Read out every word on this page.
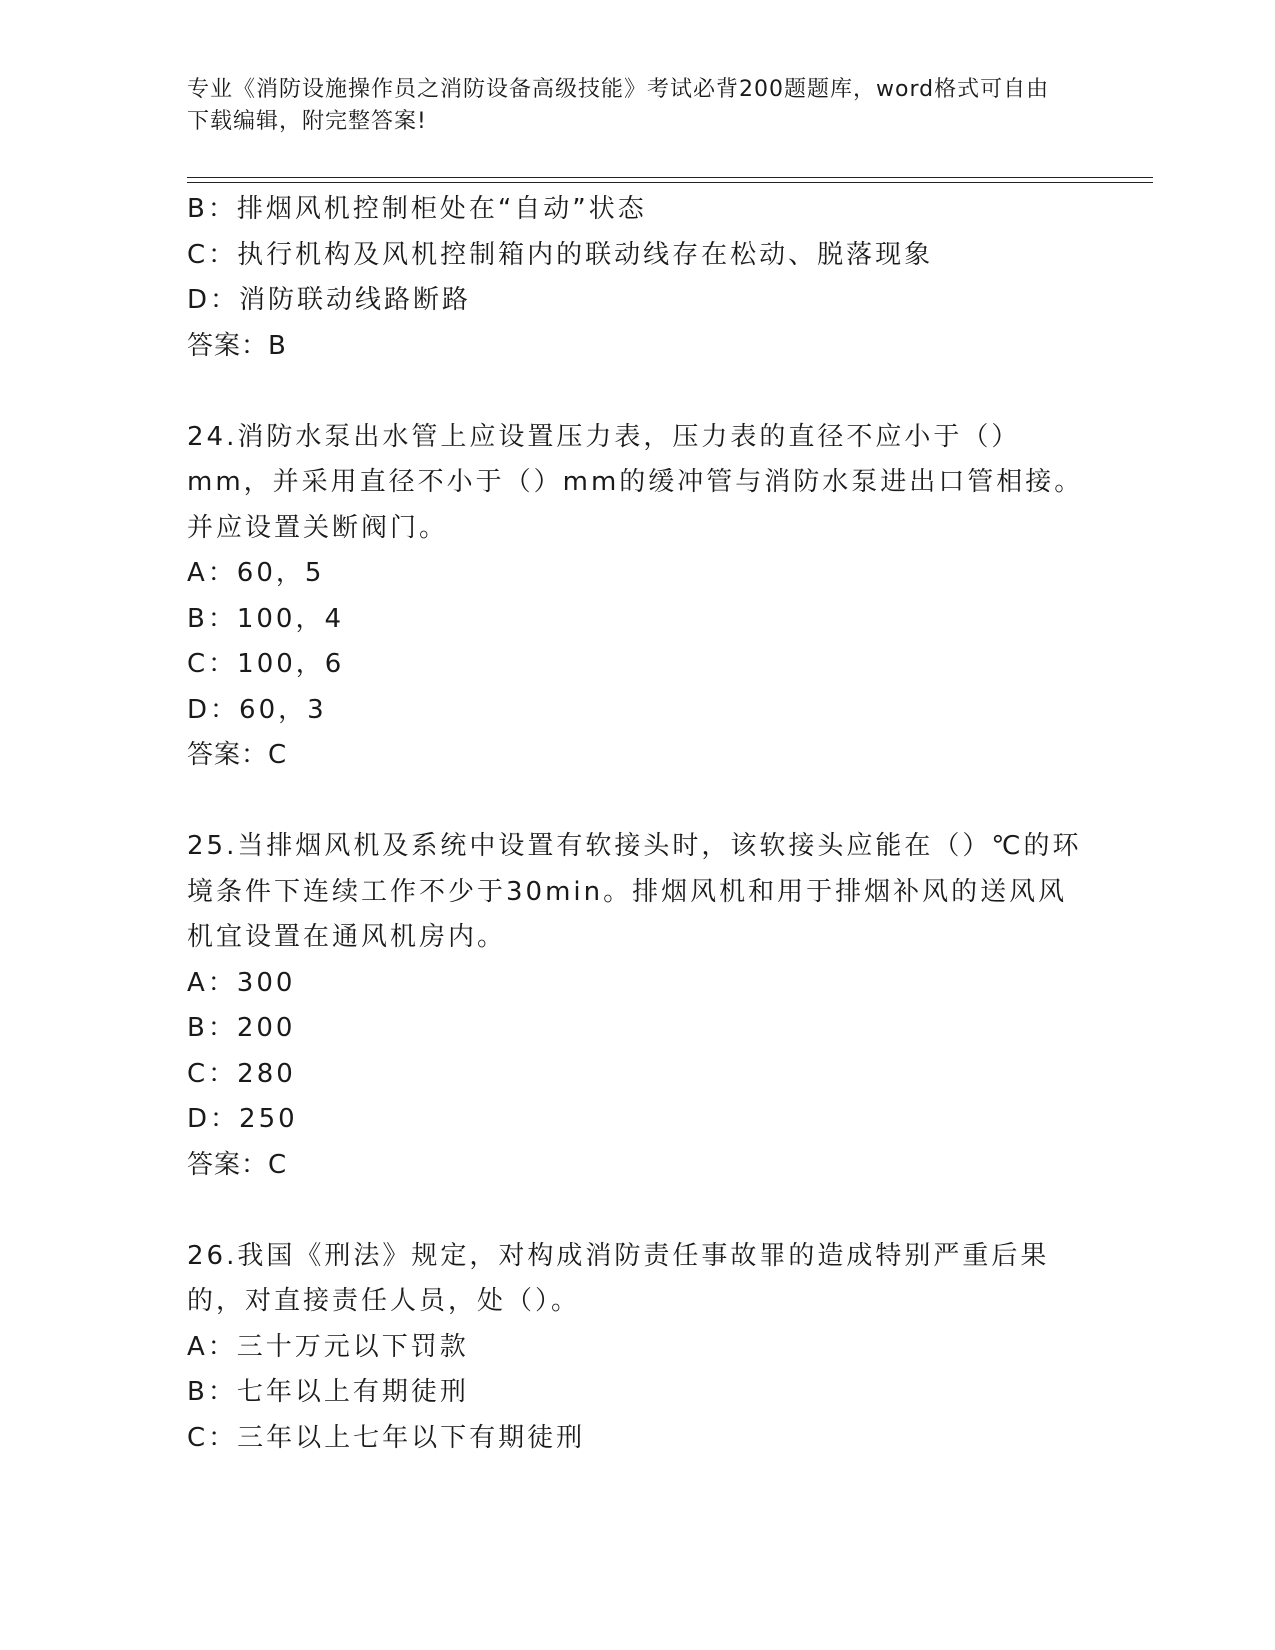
专业《消防设施操作员之消防设备高级技能》考试必背200题题库，word格式可自由下载编辑，附完整答案!
B：排烟风机控制柜处在“自动”状态
C：执行机构及风机控制箱内的联动线存在松动、脱落现象
D：消防联动线路断路
答案：B
24.消防水泵出水管上应设置压力表，压力表的直径不应小于（）mm，并采用直径不小于（）mm的缓冲管与消防水泵进出口管相接。并应设置关断阀门。
A：60，5
B：100，4
C：100，6
D：60，3
答案：C
25.当排烟风机及系统中设置有软接头时，该软接头应能在（）℃的环境条件下连续工作不少于30min。排烟风机和用于排烟补风的送风风机宜设置在通风机房内。
A：300
B：200
C：280
D：250
答案：C
26.我国《刑法》规定，对构成消防责任事故罪的造成特别严重后果的，对直接责任人员，处（）。
A：三十万元以下罚款
B：七年以上有期徒刑
C：三年以上七年以下有期徒刑
